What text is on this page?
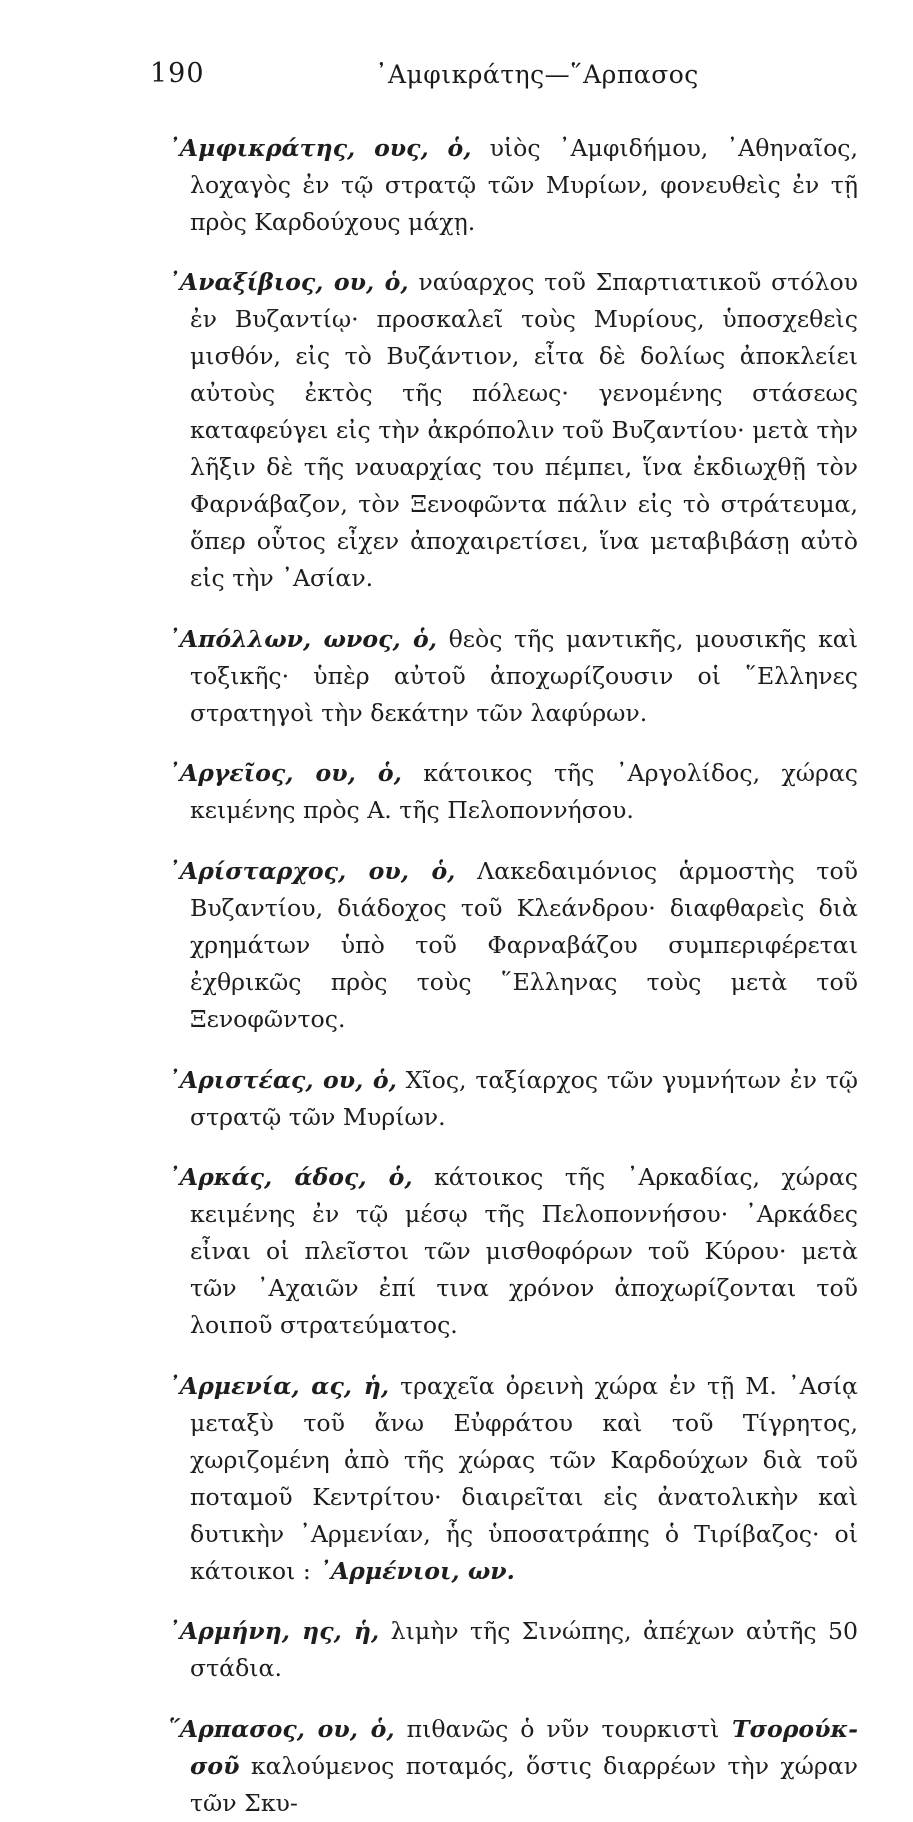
190	᾿Αμφικράτης—῞Αρπασος

᾿Αμφικράτης, ους, ὁ, υἱὸς ᾿Αμφιδήμου, ᾿Αθηναῖος, λοχαγὸς ἐν τῷ στρατῷ τῶν Μυρίων, φονευθεὶς ἐν τῇ πρὸς Καρδούχους μάχῃ.

᾿Αναξίβιος, ου, ὁ, ναύαρχος τοῦ Σπαρτιατικοῦ στόλου ἐν Βυζαντίῳ· προσκαλεῖ τοὺς Μυρίους, ὑποσχεθεὶς μισθόν, εἰς τὸ Βυζάντιον, εἶτα δὲ δολίως ἀποκλείει αὐτοὺς ἐκτὸς τῆς πόλεως· γενομένης στάσεως καταφεύγει εἰς τὴν ἀκρόπολιν τοῦ Βυζαντίου· μετὰ τὴν λῆξιν δὲ τῆς ναυαρχίας του πέμπει, ἵνα ἐκδιωχθῇ τὸν Φαρνάβαζον, τὸν Ξενοφῶντα πάλιν εἰς τὸ στράτευμα, ὅπερ οὗτος εἶχεν ἀποχαιρετίσει, ἵνα μεταβιβάσῃ αὐτὸ εἰς τὴν ᾿Ασίαν.

᾿Απόλλων, ωνος, ὁ, θεὸς τῆς μαντικῆς, μουσικῆς καὶ τοξικῆς· ὑπὲρ αὐτοῦ ἀποχωρίζουσιν οἱ ῞Ελληνες στρατηγοὶ τὴν δεκάτην τῶν λαφύρων.

᾿Αργεῖος, ου, ὁ, κάτοικος τῆς ᾿Αργολίδος, χώρας κειμένης πρὸς Α. τῆς Πελοποννήσου.

᾿Αρίσταρχος, ου, ὁ, Λακεδαιμόνιος ἁρμοστὴς τοῦ Βυζαντίου, διάδοχος τοῦ Κλεάνδρου· διαφθαρεὶς διὰ χρημάτων ὑπὸ τοῦ Φαρναβάζου συμπεριφέρεται ἐχθρικῶς πρὸς τοὺς ῞Ελληνας τοὺς μετὰ τοῦ Ξενοφῶντος.

᾿Αριστέας, ου, ὁ, Χῖος, ταξίαρχος τῶν γυμνήτων ἐν τῷ στρατῷ τῶν Μυρίων.

᾿Αρκάς, άδος, ὁ, κάτοικος τῆς ᾿Αρκαδίας, χώρας κειμένης ἐν τῷ μέσῳ τῆς Πελοποννήσου· ᾿Αρκάδες εἶναι οἱ πλεῖστοι τῶν μισθοφόρων τοῦ Κύρου· μετὰ τῶν ᾿Αχαιῶν ἐπί τινα χρόνον ἀποχωρίζονται τοῦ λοιποῦ στρατεύματος.

᾿Αρμενία, ας, ἡ, τραχεῖα ὀρεινὴ χώρα ἐν τῇ Μ. ᾿Ασίᾳ μεταξὺ τοῦ ἄνω Εὐφράτου καὶ τοῦ Τίγρητος, χωριζομένη ἀπὸ τῆς χώρας τῶν Καρδούχων διὰ τοῦ ποταμοῦ Κεντρίτου· διαιρεῖται εἰς ἀνατολικὴν καὶ δυτικὴν ᾿Αρμενίαν, ἧς ὑποσατράπης ὁ Τιρίβαζος· οἱ κάτοικοι : ᾿Αρμένιοι, ων.

᾿Αρμήνη, ης, ἡ, λιμὴν τῆς Σινώπης, ἀπέχων αὐτῆς 50 στάδια.

῞Αρπασος, ου, ὁ, πιθανῶς ὁ νῦν τουρκιστὶ Τσορούκ-σοῦ καλούμενος ποταμός, ὅστις διαρρέων τὴν χώραν τῶν Σκυ-
